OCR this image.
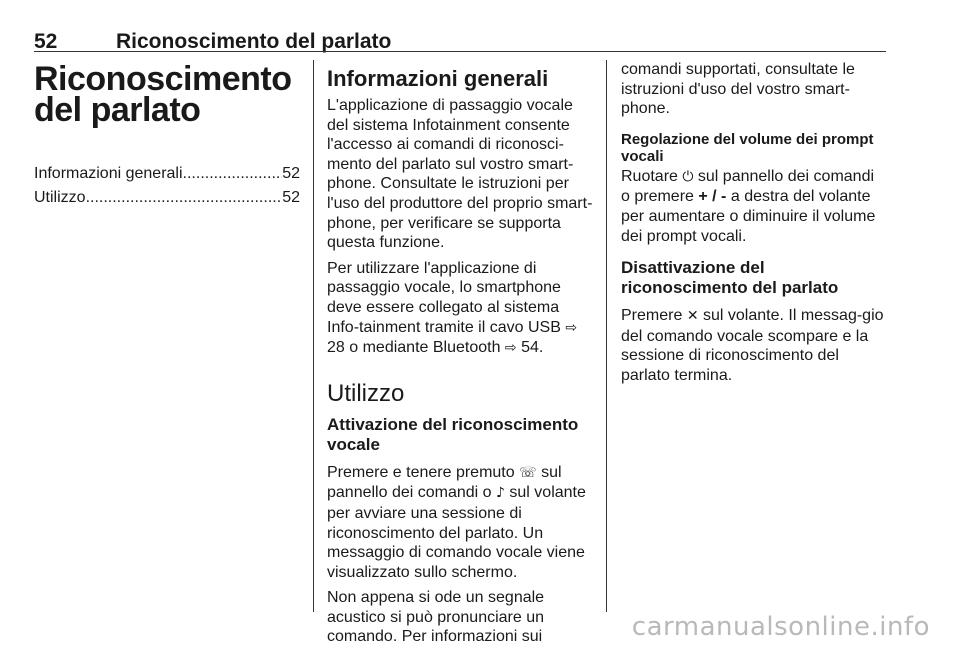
52	Riconoscimento del parlato
Riconoscimento del parlato
Informazioni generali .....	52
Utilizzo .....	52
Informazioni generali

L'applicazione di passaggio vocale del sistema Infotainment consente l'accesso ai comandi di riconosci-mento del parlato sul vostro smart-phone. Consultate le istruzioni per l'uso del produttore del proprio smart-phone, per verificare se supporta questa funzione.

Per utilizzare l'applicazione di passaggio vocale, lo smartphone deve essere collegato al sistema Info-tainment tramite il cavo USB ⇨ 28 o mediante Bluetooth ⇨ 54.

Utilizzo
Attivazione del riconoscimento vocale

Premere e tenere premuto ☏ sul pannello dei comandi o ♪ sul volante per avviare una sessione di riconoscimento del parlato. Un messaggio di comando vocale viene visualizzato sullo schermo.

Non appena si ode un segnale acustico si può pronunciare un comando. Per informazioni sui

comandi supportati, consultate le istruzioni d'uso del vostro smart-phone.

Regolazione del volume dei prompt vocali

Ruotare ⏻ sul pannello dei comandi o premere + / - a destra del volante per aumentare o diminuire il volume dei prompt vocali.

Disattivazione del riconoscimento del parlato

Premere ✕ sul volante. Il messag-gio del comando vocale scompare e la sessione di riconoscimento del parlato termina.

carmanualsonline.info
